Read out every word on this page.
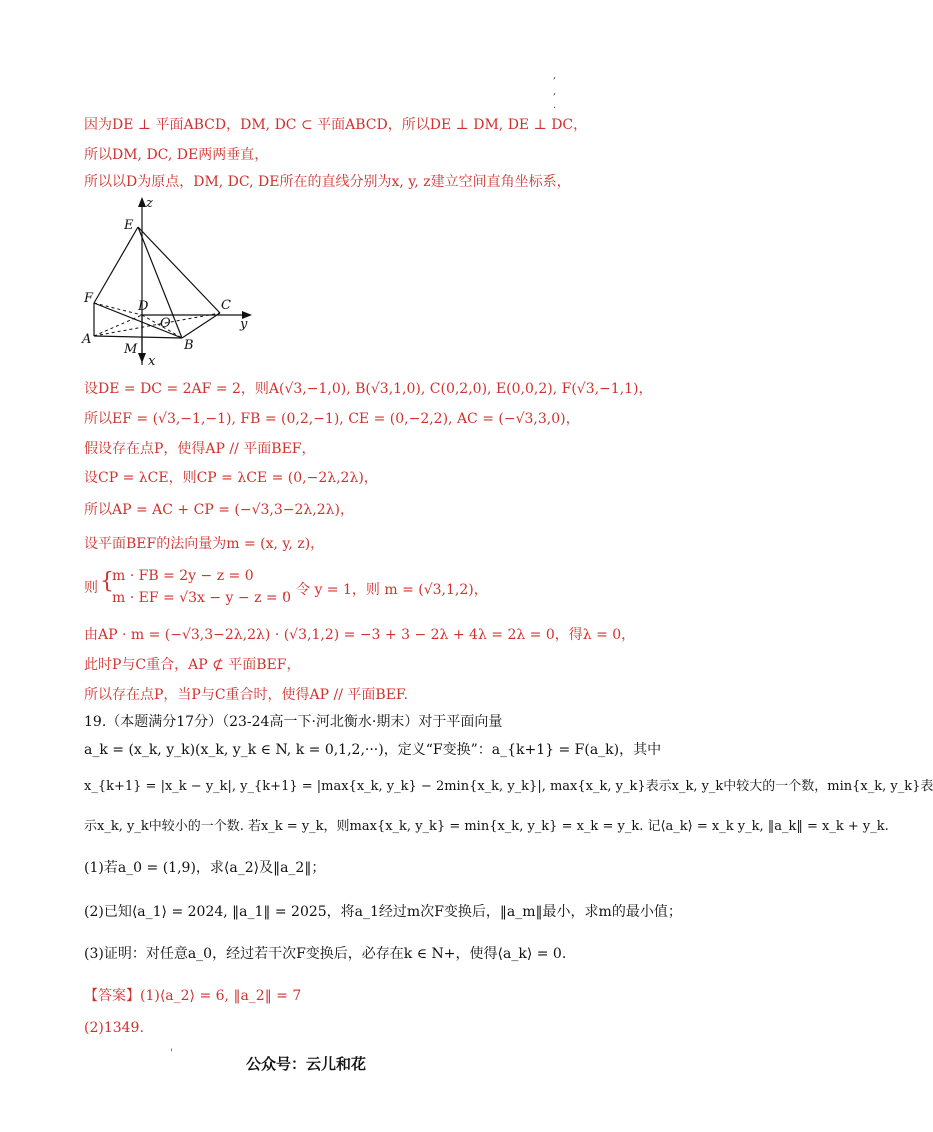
,
,
.
因为DE ⊥ 平面ABCD，DM, DC ⊂ 平面ABCD，所以DE ⊥ DM, DE ⊥ DC，
所以DM, DC, DE两两垂直，
所以以D为原点，DM, DC, DE所在的直线分别为x, y, z建立空间直角坐标系，
z
y
x
E
F
D	C
O
A
M	B
设DE = DC = 2AF = 2，则A(√3,−1,0), B(√3,1,0), C(0,2,0), E(0,0,2), F(√3,−1,1)，
所以EF = (√3,−1,−1), FB = (0,2,−1), CE = (0,−2,2), AC = (−√3,3,0)，
假设存在点P，使得AP // 平面BEF，
设CP = λCE，则CP = λCE = (0,−2λ,2λ)，
所以AP = AC + CP = (−√3,3−2λ,2λ)，
设平面BEF的法向量为m = (x, y, z)，
则 {
m · FB = 2y − z = 0
m · EF = √3x − y − z = 0
，令 y = 1，则 m = (√3,1,2)，
由AP · m = (−√3,3−2λ,2λ) · (√3,1,2) = −3 + 3 − 2λ + 4λ = 2λ = 0，得λ = 0，
此时P与C重合，AP ⊄ 平面BEF，
所以存在点P，当P与C重合时，使得AP // 平面BEF.
19.（本题满分17分）（23-24高一下·河北衡水·期末）对于平面向量
a_k = (x_k, y_k)(x_k, y_k ∈ N, k = 0,1,2,···)，定义“F变换”：a_{k+1} = F(a_k)，其中
x_{k+1} = |x_k − y_k|, y_{k+1} = |max{x_k, y_k} − 2min{x_k, y_k}|, max{x_k, y_k}表示x_k, y_k中较大的一个数，min{x_k, y_k}表
示x_k, y_k中较小的一个数. 若x_k = y_k，则max{x_k, y_k} = min{x_k, y_k} = x_k = y_k. 记⟨a_k⟩ = x_k y_k, ‖a_k‖ = x_k + y_k.
(1)若a_0 = (1,9)，求⟨a_2⟩及‖a_2‖；
(2)已知⟨a_1⟩ = 2024, ‖a_1‖ = 2025，将a_1经过m次F变换后，‖a_m‖最小，求m的最小值；
(3)证明：对任意a_0，经过若干次F变换后，必存在k ∈ N+，使得⟨a_k⟩ = 0.
【答案】(1)⟨a_2⟩ = 6, ‖a_2‖ = 7
(2)1349.
'
公众号：云儿和花
